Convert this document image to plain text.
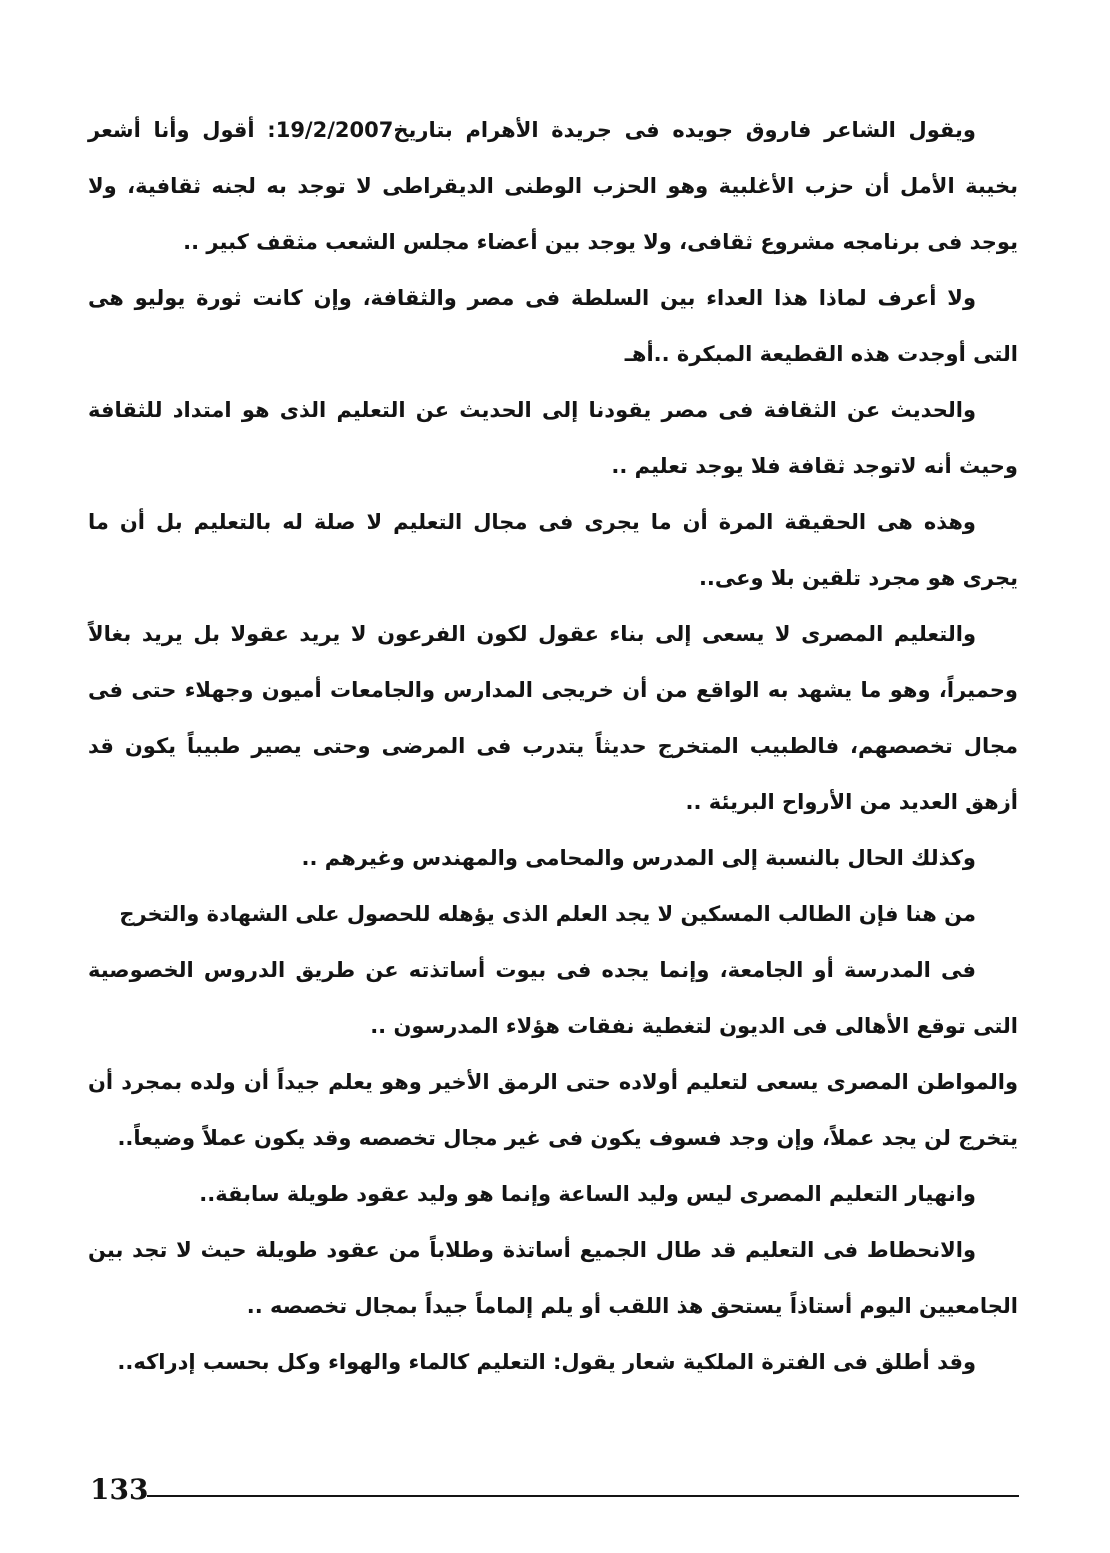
ويقول الشاعر فاروق جويده فى جريدة الأهرام بتاريخ19/2/2007: أقول وأنا أشعر بخيبة الأمل أن حزب الأغلبية وهو الحزب الوطنى الديقراطى لا توجد به لجنه ثقافية، ولا يوجد فى برنامجه مشروع ثقافى، ولا يوجد بين أعضاء مجلس الشعب مثقف كبير ..

ولا أعرف لماذا هذا العداء بين السلطة فى مصر والثقافة، وإن كانت ثورة يوليو هى التى أوجدت هذه القطيعة المبكرة ..أهـ

والحديث عن الثقافة فى مصر يقودنا إلى الحديث عن التعليم الذى هو امتداد للثقافة وحيث أنه لاتوجد ثقافة فلا يوجد تعليم ..

وهذه هى الحقيقة المرة أن ما يجرى فى مجال التعليم لا صلة له بالتعليم بل أن ما يجرى هو مجرد تلقين بلا وعى..

والتعليم المصرى لا يسعى إلى بناء عقول لكون الفرعون لا يريد عقولا بل يريد بغالاً وحميراً، وهو ما يشهد به الواقع من أن خريجى المدارس والجامعات أميون وجهلاء حتى فى مجال تخصصهم، فالطبيب المتخرج حديثاً يتدرب فى المرضى وحتى يصير طبيباً يكون قد أزهق العديد من الأرواح البريئة ..

وكذلك الحال بالنسبة إلى المدرس والمحامى والمهندس وغيرهم ..

من هنا فإن الطالب المسكين لا يجد العلم الذى يؤهله للحصول على الشهادة والتخرج

فى المدرسة أو الجامعة، وإنما يجده فى بيوت أساتذته عن طريق الدروس الخصوصية التى توقع الأهالى فى الديون لتغطية نفقات هؤلاء المدرسون ..

والمواطن المصرى يسعى لتعليم أولاده حتى الرمق الأخير وهو يعلم جيداً أن ولده بمجرد أن يتخرج لن يجد عملاً، وإن وجد فسوف يكون فى غير مجال تخصصه وقد يكون عملاً وضيعاً..

وانهيار التعليم المصرى ليس وليد الساعة وإنما هو وليد عقود طويلة سابقة..

والانحطاط فى التعليم قد طال الجميع أساتذة وطلاباً من عقود طويلة حيث لا تجد بين الجامعيين اليوم أستاذاً يستحق هذ اللقب أو يلم إلماماً جيداً بمجال تخصصه ..

وقد أطلق فى الفترة الملكية شعار يقول: التعليم كالماء والهواء وكل بحسب إدراكه..

133
